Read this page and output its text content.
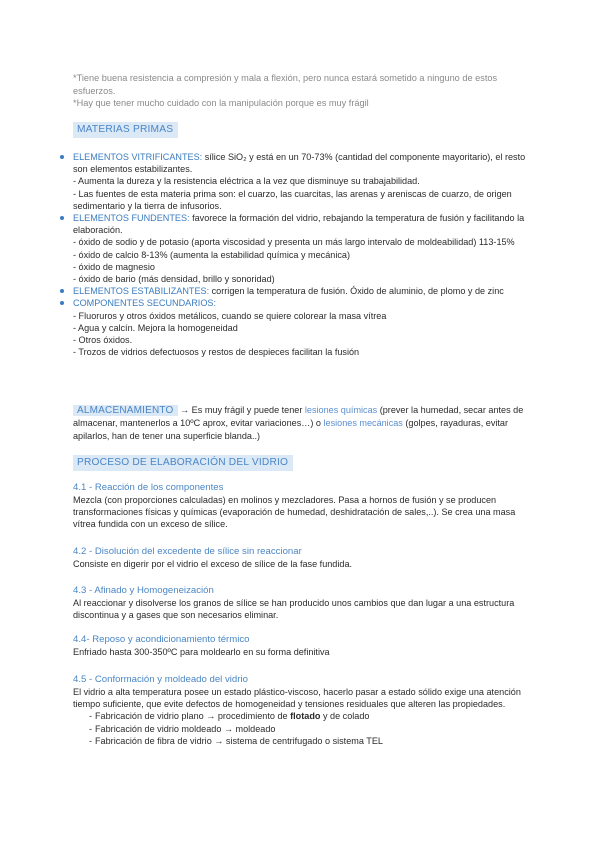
*Tiene buena resistencia a compresión y mala a flexión, pero nunca estará sometido a ninguno de estos esfuerzos.
*Hay que tener mucho cuidado con la manipulación porque es muy frágil
MATERIAS PRIMAS
ELEMENTOS VITRIFICANTES: sílice SiO₂ y está en un 70-73% (cantidad del componente mayoritario), el resto son elementos estabilizantes.
- Aumenta la dureza y la resistencia eléctrica a la vez que disminuye su trabajabilidad.
- Las fuentes de esta materia prima son: el cuarzo, las cuarcitas, las arenas y areniscas de cuarzo, de origen sedimentario y la tierra de infusorios.
ELEMENTOS FUNDENTES: favorece la formación del vidrio, rebajando la temperatura de fusión y facilitando la elaboración.
- óxido de sodio y de potasio (aporta viscosidad y presenta un más largo intervalo de moldeabilidad) 113-15%
- óxido de calcio 8-13% (aumenta la estabilidad química y mecánica)
- óxido de magnesio
- óxido de bario (más densidad, brillo y sonoridad)
ELEMENTOS ESTABILIZANTES: corrigen la temperatura de fusión. Óxido de aluminio, de plomo y de zinc
COMPONENTES SECUNDARIOS:
- Fluoruros y otros óxidos metálicos, cuando se quiere colorear la masa vítrea
- Agua y calcín. Mejora la homogeneidad
- Otros óxidos.
- Trozos de vidrios defectuosos y restos de despieces facilitan la fusión
ALMACENAMIENTO → Es muy frágil y puede tener lesiones químicas (prever la humedad, secar antes de almacenar, mantenerlos a 10ºC aprox, evitar variaciones…) o lesiones mecánicas (golpes, rayaduras, evitar apilarlos, han de tener una superficie blanda..)
PROCESO DE ELABORACIÓN DEL VIDRIO
4.1 - Reacción de los componentes
Mezcla (con proporciones calculadas) en molinos y mezcladores. Pasa a hornos de fusión y se producen transformaciones físicas y químicas (evaporación de humedad, deshidratación de sales,..). Se crea una masa vítrea fundida con un exceso de sílice.
4.2 - Disolución del excedente de sílice sin reaccionar
Consiste en digerir por el vidrio el exceso de sílice de la fase fundida.
4.3 - Afinado y Homogeneización
Al reaccionar y disolverse los granos de sílice se han producido unos cambios que dan lugar a una estructura discontinua y a gases que son necesarios eliminar.
4.4- Reposo y acondicionamiento térmico
Enfriado hasta 300-350ºC para moldearlo en su forma definitiva
4.5 - Conformación y moldeado del vidrio
El vidrio a alta temperatura posee un estado plástico-viscoso, hacerlo pasar a estado sólido exige una atención tiempo suficiente, que evite defectos de homogeneidad y tensiones residuales que alteren las propiedades.
- Fabricación de vidrio plano → procedimiento de flotado y de colado
- Fabricación de vidrio moldeado → moldeado
- Fabricación de fibra de vidrio → sistema de centrifugado o sistema TEL
